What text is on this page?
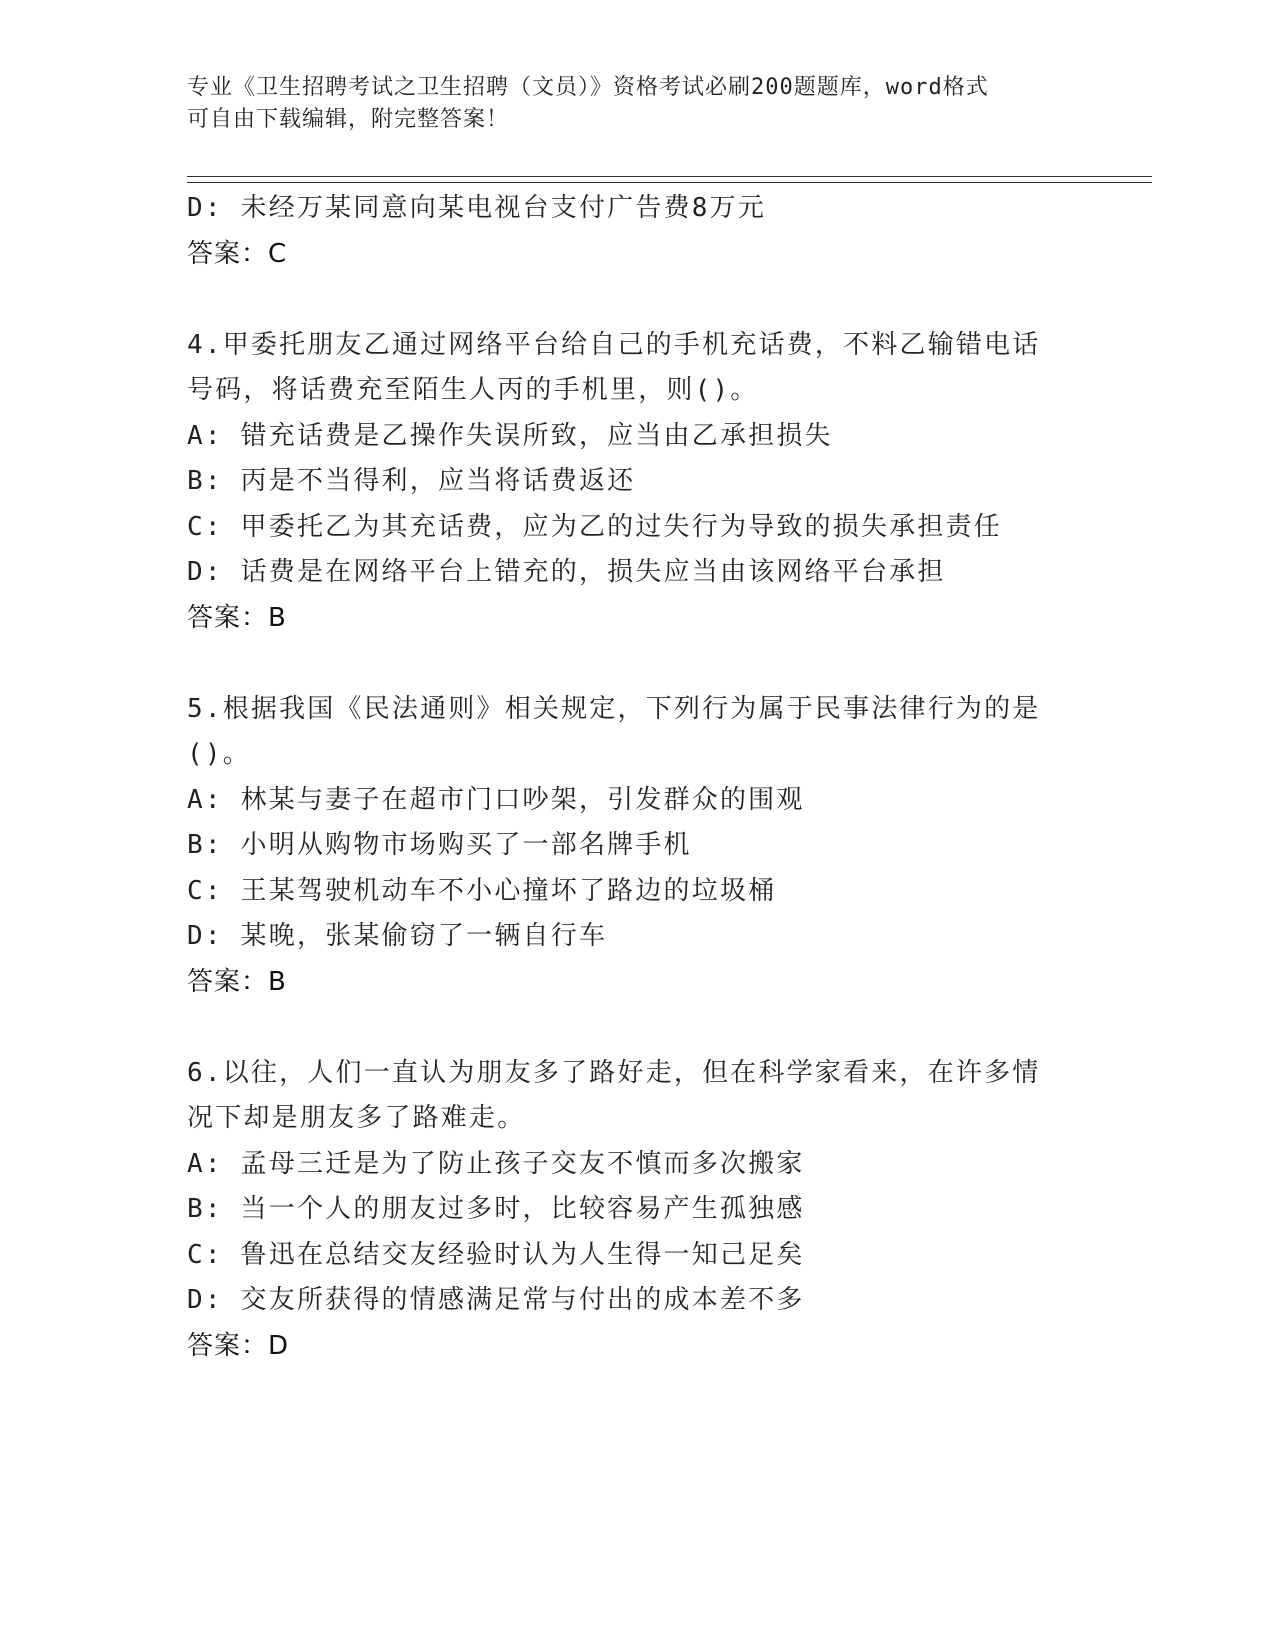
专业《卫生招聘考试之卫生招聘（文员）》资格考试必刷200题题库，word格式
可自由下载编辑，附完整答案！
D: 未经万某同意向某电视台支付广告费8万元
答案：C
4.甲委托朋友乙通过网络平台给自己的手机充话费，不料乙输错电话
号码，将话费充至陌生人丙的手机里，则()。
A: 错充话费是乙操作失误所致，应当由乙承担损失
B: 丙是不当得利，应当将话费返还
C: 甲委托乙为其充话费，应为乙的过失行为导致的损失承担责任
D: 话费是在网络平台上错充的，损失应当由该网络平台承担
答案：B
5.根据我国《民法通则》相关规定，下列行为属于民事法律行为的是
()。
A: 林某与妻子在超市门口吵架，引发群众的围观
B: 小明从购物市场购买了一部名牌手机
C: 王某驾驶机动车不小心撞坏了路边的垃圾桶
D: 某晚，张某偷窃了一辆自行车
答案：B
6.以往，人们一直认为朋友多了路好走，但在科学家看来，在许多情
况下却是朋友多了路难走。
A: 孟母三迁是为了防止孩子交友不慎而多次搬家
B: 当一个人的朋友过多时，比较容易产生孤独感
C: 鲁迅在总结交友经验时认为人生得一知己足矣
D: 交友所获得的情感满足常与付出的成本差不多
答案：D
